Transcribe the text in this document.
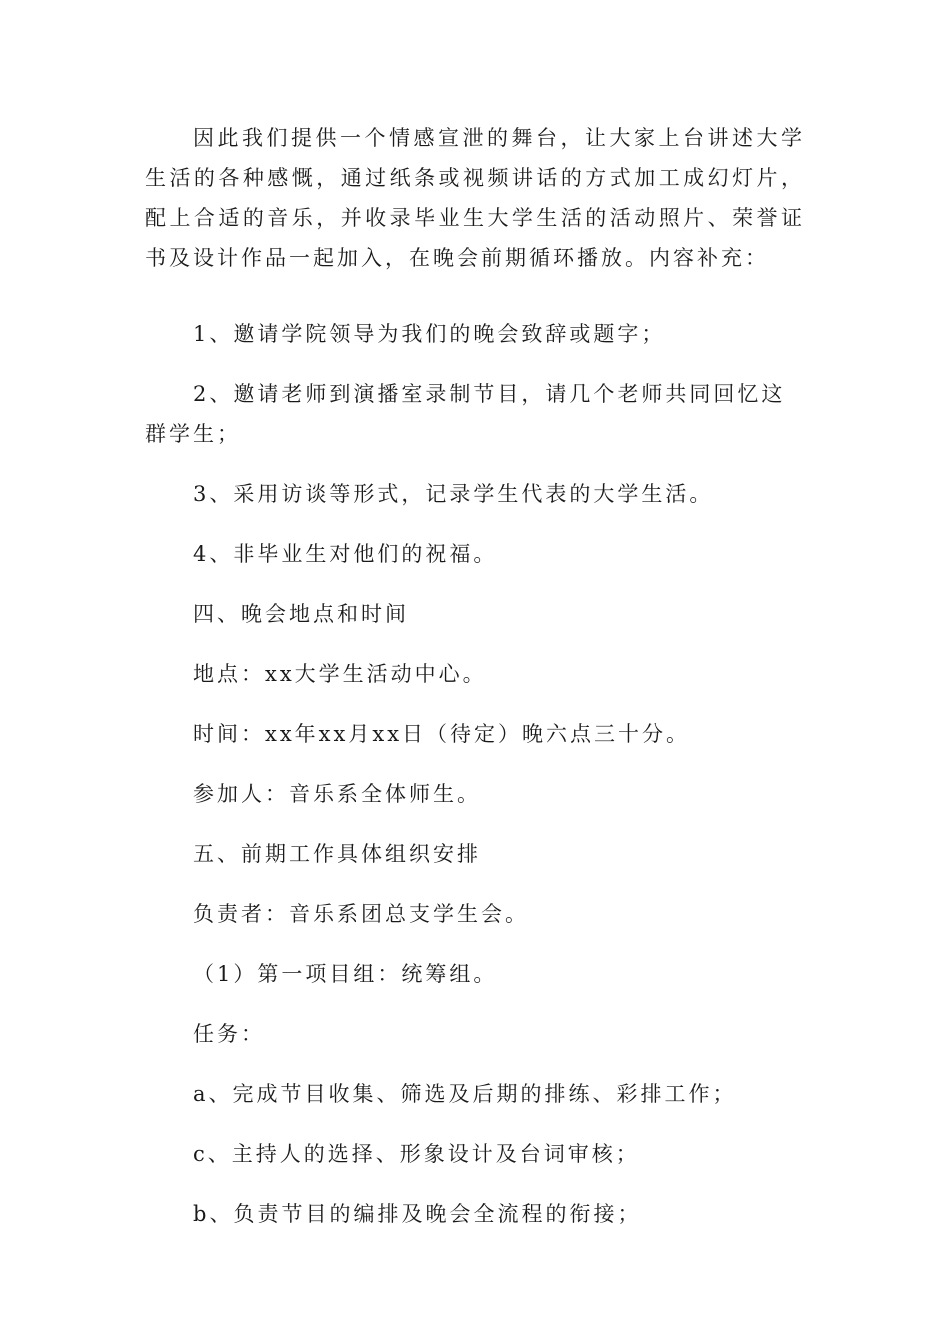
因此我们提供一个情感宣泄的舞台，让大家上台讲述大学生活的各种感慨，通过纸条或视频讲话的方式加工成幻灯片，配上合适的音乐，并收录毕业生大学生活的活动照片、荣誉证书及设计作品一起加入，在晚会前期循环播放。内容补充：

1、邀请学院领导为我们的晚会致辞或题字；

2、邀请老师到演播室录制节目，请几个老师共同回忆这群学生；

3、采用访谈等形式，记录学生代表的大学生活。

4、非毕业生对他们的祝福。

四、晚会地点和时间

地点：xx大学生活动中心。

时间：xx年xx月xx日（待定）晚六点三十分。

参加人：音乐系全体师生。

五、前期工作具体组织安排

负责者：音乐系团总支学生会。

（1）第一项目组：统筹组。

任务：

a、完成节目收集、筛选及后期的排练、彩排工作；

c、主持人的选择、形象设计及台词审核；

b、负责节目的编排及晚会全流程的衔接；
